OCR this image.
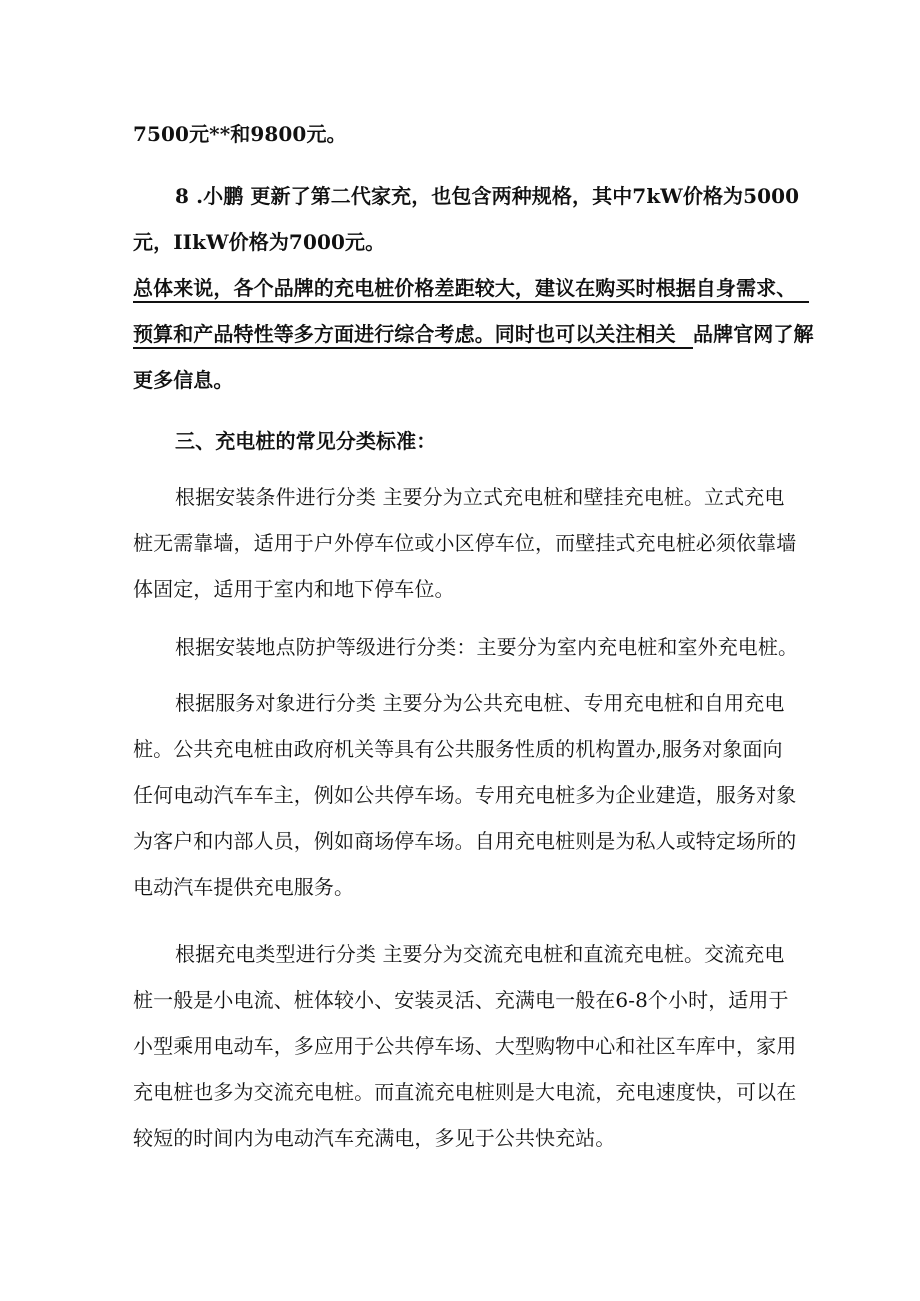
7500元**和9800元。

8 .小鹏 更新了第二代家充，也包含两种规格，其中7kW价格为5000

元，IIkW价格为7000元。

总体来说，各个品牌的充电桩价格差距较大，建议在购买时根据自身需求、

预算和产品特性等多方面进行综合考虑。同时也可以关注相关 品牌官网了解

更多信息。

三、充电桩的常见分类标准：

根据安装条件进行分类 主要分为立式充电桩和壁挂充电桩。立式充电

桩无需靠墙，适用于户外停车位或小区停车位，而壁挂式充电桩必须依靠墙

体固定，适用于室内和地下停车位。

根据安装地点防护等级进行分类：主要分为室内充电桩和室外充电桩。

根据服务对象进行分类 主要分为公共充电桩、专用充电桩和自用充电

桩。公共充电桩由政府机关等具有公共服务性质的机构置办,服务对象面向

任何电动汽车车主，例如公共停车场。专用充电桩多为企业建造，服务对象

为客户和内部人员，例如商场停车场。自用充电桩则是为私人或特定场所的

电动汽车提供充电服务。

根据充电类型进行分类 主要分为交流充电桩和直流充电桩。交流充电

桩一般是小电流、桩体较小、安装灵活、充满电一般在6-8个小时，适用于

小型乘用电动车，多应用于公共停车场、大型购物中心和社区车库中，家用

充电桩也多为交流充电桩。而直流充电桩则是大电流，充电速度快，可以在

较短的时间内为电动汽车充满电，多见于公共快充站。
